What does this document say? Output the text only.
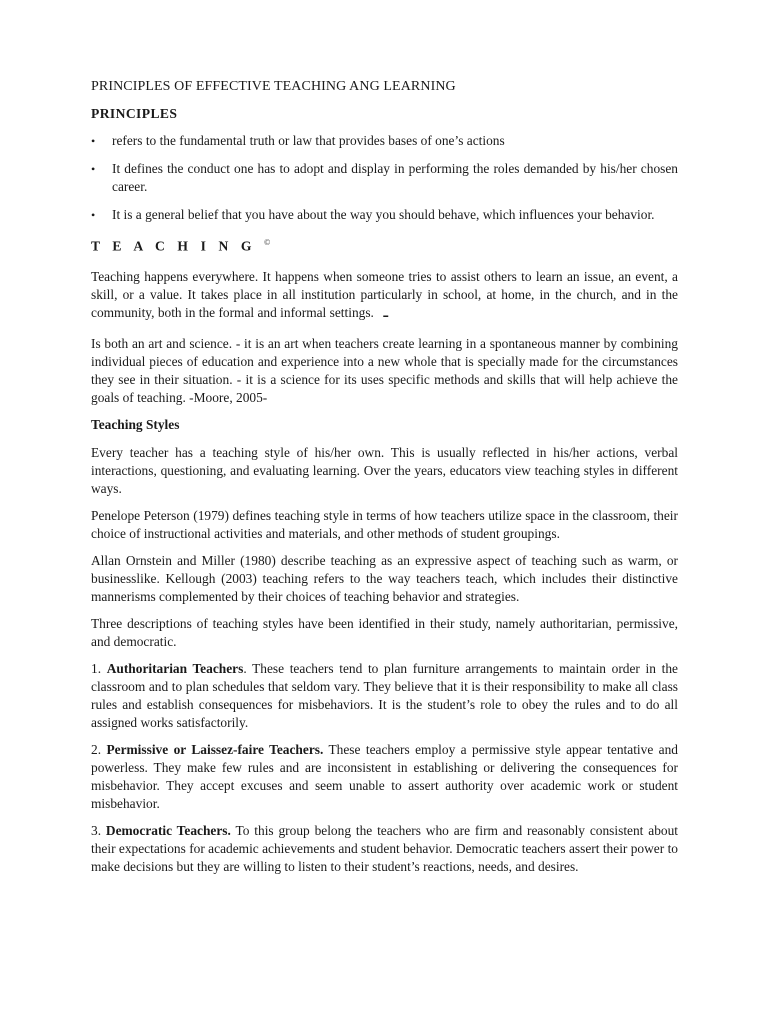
PRINCIPLES OF EFFECTIVE TEACHING ANG LEARNING
PRINCIPLES
• refers to the fundamental truth or law that provides bases of one’s actions
• It defines the conduct one has to adopt and display in performing the roles demanded by his/her chosen career.
• It is a general belief that you have about the way you should behave, which influences your behavior.
T E A C H I N G ©

Teaching happens everywhere. It happens when someone tries to assist others to learn an issue, an event, a skill, or a value. It takes place in all institution particularly in school, at home, in the church, and in the community, both in the formal and informal settings. ▬

Is both an art and science. - it is an art when teachers create learning in a spontaneous manner by combining individual pieces of education and experience into a new whole that is specially made for the circumstances they see in their situation. - it is a science for its uses specific methods and skills that will help achieve the goals of teaching. -Moore, 2005-

Teaching Styles

Every teacher has a teaching style of his/her own. This is usually reflected in his/her actions, verbal interactions, questioning, and evaluating learning. Over the years, educators view teaching styles in different ways.

Penelope Peterson (1979) defines teaching style in terms of how teachers utilize space in the classroom, their choice of instructional activities and materials, and other methods of student groupings.

Allan Ornstein and Miller (1980) describe teaching as an expressive aspect of teaching such as warm, or businesslike. Kellough (2003) teaching refers to the way teachers teach, which includes their distinctive mannerisms complemented by their choices of teaching behavior and strategies.

Three descriptions of teaching styles have been identified in their study, namely authoritarian, permissive, and democratic.

1. Authoritarian Teachers. These teachers tend to plan furniture arrangements to maintain order in the classroom and to plan schedules that seldom vary. They believe that it is their responsibility to make all class rules and establish consequences for misbehaviors. It is the student’s role to obey the rules and to do all assigned works satisfactorily.

2. Permissive or Laissez-faire Teachers. These teachers employ a permissive style appear tentative and powerless. They make few rules and are inconsistent in establishing or delivering the consequences for misbehavior. They accept excuses and seem unable to assert authority over academic work or student misbehavior.

3. Democratic Teachers. To this group belong the teachers who are firm and reasonably consistent about their expectations for academic achievements and student behavior. Democratic teachers assert their power to make decisions but they are willing to listen to their student’s reactions, needs, and desires.
